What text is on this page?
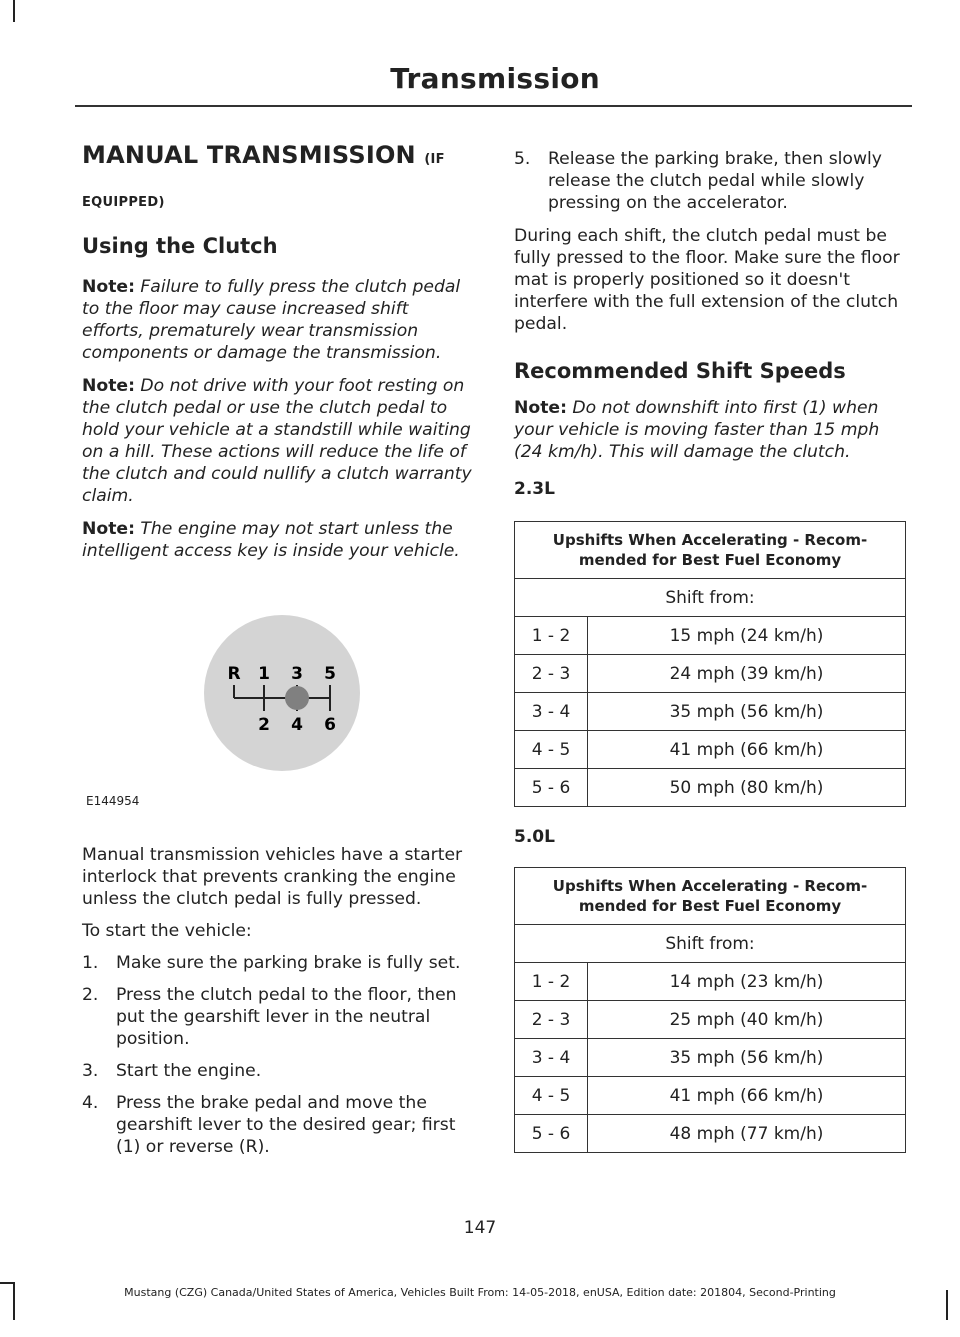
Transmission
MANUAL TRANSMISSION (IF
EQUIPPED)
Using the Clutch

Note: Failure to fully press the clutch pedal to the floor may cause increased shift efforts, prematurely wear transmission components or damage the transmission.

Note: Do not drive with your foot resting on the clutch pedal or use the clutch pedal to hold your vehicle at a standstill while waiting on a hill. These actions will reduce the life of the clutch and could nullify a clutch warranty claim.

Note: The engine may not start unless the intelligent access key is inside your vehicle.

R 1 3 5
2 4 6
E144954

Manual transmission vehicles have a starter interlock that prevents cranking the engine unless the clutch pedal is fully pressed.

To start the vehicle:

1. Make sure the parking brake is fully set.
2. Press the clutch pedal to the floor, then put the gearshift lever in the neutral position.
3. Start the engine.
4. Press the brake pedal and move the gearshift lever to the desired gear; first (1) or reverse (R).
5. Release the parking brake, then slowly release the clutch pedal while slowly pressing on the accelerator.

During each shift, the clutch pedal must be fully pressed to the floor. Make sure the floor mat is properly positioned so it doesn't interfere with the full extension of the clutch pedal.

Recommended Shift Speeds

Note: Do not downshift into first (1) when your vehicle is moving faster than 15 mph (24 km/h). This will damage the clutch.

2.3L
Upshifts When Accelerating - Recom-mended for Best Fuel Economy	
Shift from:	
1 - 2	15 mph (24 km/h)
2 - 3	24 mph (39 km/h)
3 - 4	35 mph (56 km/h)
4 - 5	41 mph (66 km/h)
5 - 6	50 mph (80 km/h)
5.0L
Upshifts When Accelerating - Recom-mended for Best Fuel Economy	
Shift from:	
1 - 2	14 mph (23 km/h)
2 - 3	25 mph (40 km/h)
3 - 4	35 mph (56 km/h)
4 - 5	41 mph (66 km/h)
5 - 6	48 mph (77 km/h)
147
Mustang (CZG) Canada/United States of America, Vehicles Built From: 14-05-2018, enUSA, Edition date: 201804, Second-Printing
